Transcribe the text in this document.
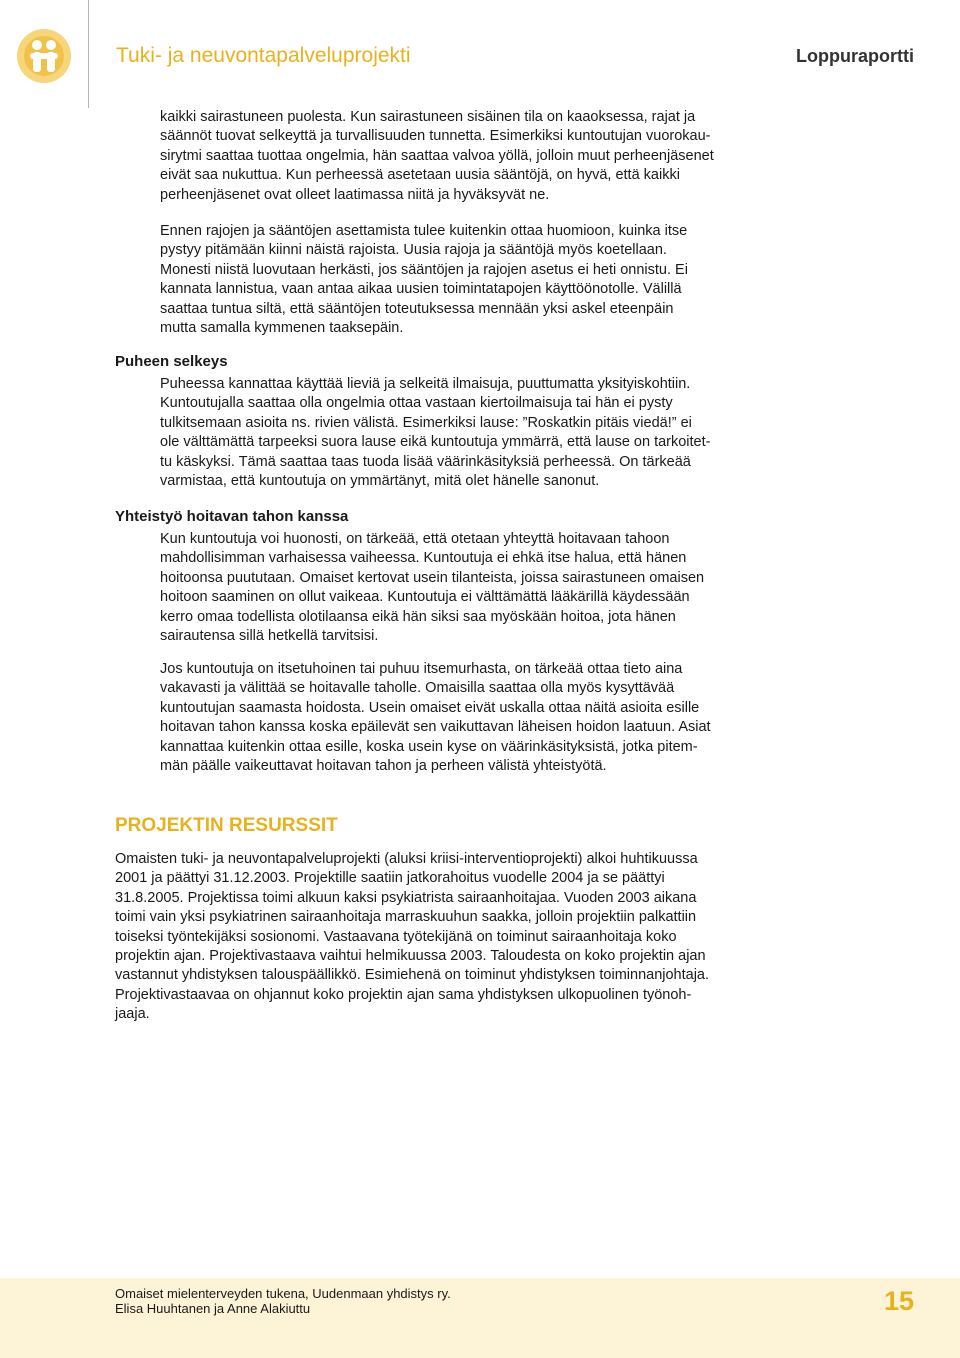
Tuki- ja neuvontapalveluprojekti	Loppuraportti
kaikki sairastuneen puolesta. Kun sairastuneen sisäinen tila on kaaoksessa, rajat ja
säännöt tuovat selkeyttä ja turvallisuuden tunnetta. Esimerkiksi kuntoutujan vuorokau-
sirytmi saattaa tuottaa ongelmia, hän saattaa valvoa yöllä, jolloin muut perheenjäsenet
eivät saa nukuttua. Kun perheessä asetetaan uusia sääntöjä, on hyvä, että kaikki
perheenjäsenet ovat olleet laatimassa niitä ja hyväksyvät ne.
Ennen rajojen ja sääntöjen asettamista tulee kuitenkin ottaa huomioon, kuinka itse
pystyy pitämään kiinni näistä rajoista. Uusia rajoja ja sääntöjä myös koetellaan.
Monesti niistä luovutaan herkästi, jos sääntöjen ja rajojen asetus ei heti onnistu. Ei
kannata lannistua, vaan antaa aikaa uusien toimintatapojen käyttöönotolle. Välillä
saattaa tuntua siltä, että sääntöjen toteutuksessa mennään yksi askel eteenpäin
mutta samalla kymmenen taaksepäin.
Puheen selkeys
Puheessa kannattaa käyttää lieviä ja selkeitä ilmaisuja, puuttumatta yksityiskohtiin.
Kuntoutujalla saattaa olla ongelmia ottaa vastaan kiertoilmaisuja tai hän ei pysty
tulkitsemaan asioita ns. rivien välistä. Esimerkiksi lause: ”Roskatkin pitäis viedä!” ei
ole välttämättä tarpeeksi suora lause eikä kuntoutuja ymmärrä, että lause on tarkoitet-
tu käskyksi. Tämä saattaa taas tuoda lisää väärinkäsityksiä perheessä. On tärkeää
varmistaa, että kuntoutuja on ymmärtänyt, mitä olet hänelle sanonut.
Yhteistyö hoitavan tahon kanssa
Kun kuntoutuja voi huonosti, on tärkeää, että otetaan yhteyttä hoitavaan tahoon
mahdollisimman varhaisessa vaiheessa. Kuntoutuja ei ehkä itse halua, että hänen
hoitoonsa puututaan. Omaiset kertovat usein tilanteista, joissa sairastuneen omaisen
hoitoon saaminen on ollut vaikeaa. Kuntoutuja ei välttämättä lääkärillä käydessään
kerro omaa todellista olotilaansa eikä hän siksi saa myöskään hoitoa, jota hänen
sairautensa sillä hetkellä tarvitsisi.
Jos kuntoutuja on itsetuhoinen tai puhuu itsemurhasta, on tärkeää ottaa tieto aina
vakavasti ja välittää se hoitavalle taholle. Omaisilla saattaa olla myös kysyttävää
kuntoutujan saamasta hoidosta. Usein omaiset eivät uskalla ottaa näitä asioita esille
hoitavan tahon kanssa koska epäilevät sen vaikuttavan läheisen hoidon laatuun. Asiat
kannattaa kuitenkin ottaa esille, koska usein kyse on väärinkäsityksistä, jotka pitem-
män päälle vaikeuttavat hoitavan tahon ja perheen välistä yhteistyötä.
PROJEKTIN RESURSSIT
Omaisten tuki- ja neuvontapalveluprojekti (aluksi kriisi-interventioprojekti) alkoi huhtikuussa
2001 ja päättyi 31.12.2003. Projektille saatiin jatkorahoitus vuodelle 2004 ja se päättyi
31.8.2005. Projektissa toimi alkuun kaksi psykiatrista sairaanhoitajaa. Vuoden 2003 aikana
toimi vain yksi psykiatrinen sairaanhoitaja marraskuuhun saakka, jolloin projektiin palkattiin
toiseksi työntekijäksi sosionomi. Vastaavana työtekijänä on toiminut sairaanhoitaja koko
projektin ajan. Projektivastaava vaihtui helmikuussa 2003. Taloudesta on koko projektin ajan
vastannut yhdistyksen talouspäällikkö. Esimiehenä on toiminut yhdistyksen toiminnanjohtaja.
Projektivastaavaa on ohjannut koko projektin ajan sama yhdistyksen ulkopuolinen työnoh-
jaaja.
Omaiset mielenterveyden tukena, Uudenmaan yhdistys ry.
Elisa Huuhtanen ja Anne Alakiuttu	15
